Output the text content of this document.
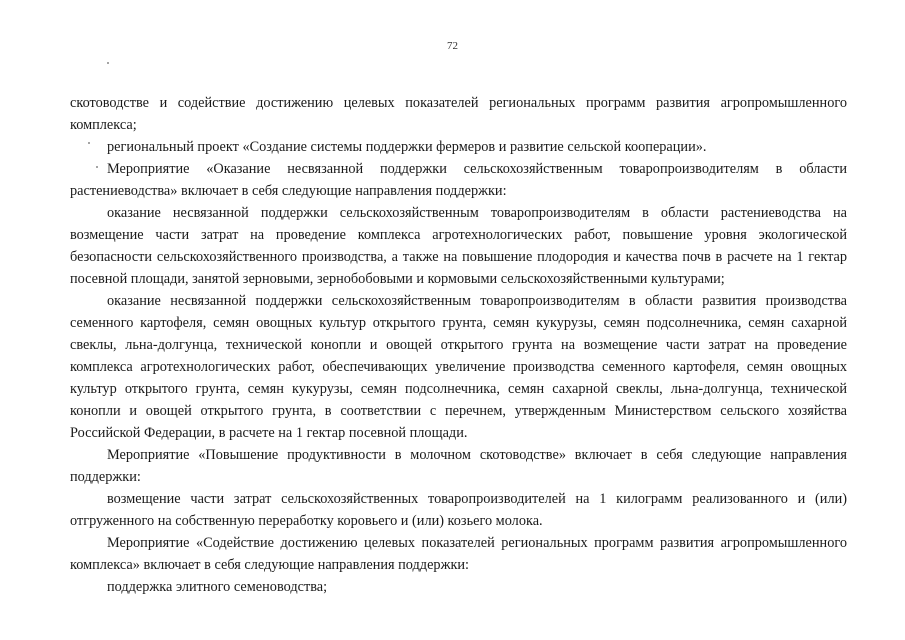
72

скотоводстве и содействие достижению целевых показателей региональных программ развития агропромышленного комплекса;

региональный проект «Создание системы поддержки фермеров и развитие сельской кооперации».

Мероприятие «Оказание несвязанной поддержки сельскохозяйственным товаропроизводителям в области растениеводства» включает в себя следующие направления поддержки:

оказание несвязанной поддержки сельскохозяйственным товаропроизводителям в области растениеводства на возмещение части затрат на проведение комплекса агротехнологических работ, повышение уровня экологической безопасности сельскохозяйственного производства, а также на повышение плодородия и качества почв в расчете на 1 гектар посевной площади, занятой зерновыми, зернобобовыми и кормовыми сельскохозяйственными культурами;

оказание несвязанной поддержки сельскохозяйственным товаропроизводителям в области развития производства семенного картофеля, семян овощных культур открытого грунта, семян кукурузы, семян подсолнечника, семян сахарной свеклы, льна-долгунца, технической конопли и овощей открытого грунта на возмещение части затрат на проведение комплекса агротехнологических работ, обеспечивающих увеличение производства семенного картофеля, семян овощных культур открытого грунта, семян кукурузы, семян подсолнечника, семян сахарной свеклы, льна-долгунца, технической конопли и овощей открытого грунта, в соответствии с перечнем, утвержденным Министерством сельского хозяйства Российской Федерации, в расчете на 1 гектар посевной площади.

Мероприятие «Повышение продуктивности в молочном скотоводстве» включает в себя следующие направления поддержки:

возмещение части затрат сельскохозяйственных товаропроизводителей на 1 килограмм реализованного и (или) отгруженного на собственную переработку коровьего и (или) козьего молока.

Мероприятие «Содействие достижению целевых показателей региональных программ развития агропромышленного комплекса» включает в себя следующие направления поддержки:

поддержка элитного семеноводства;
